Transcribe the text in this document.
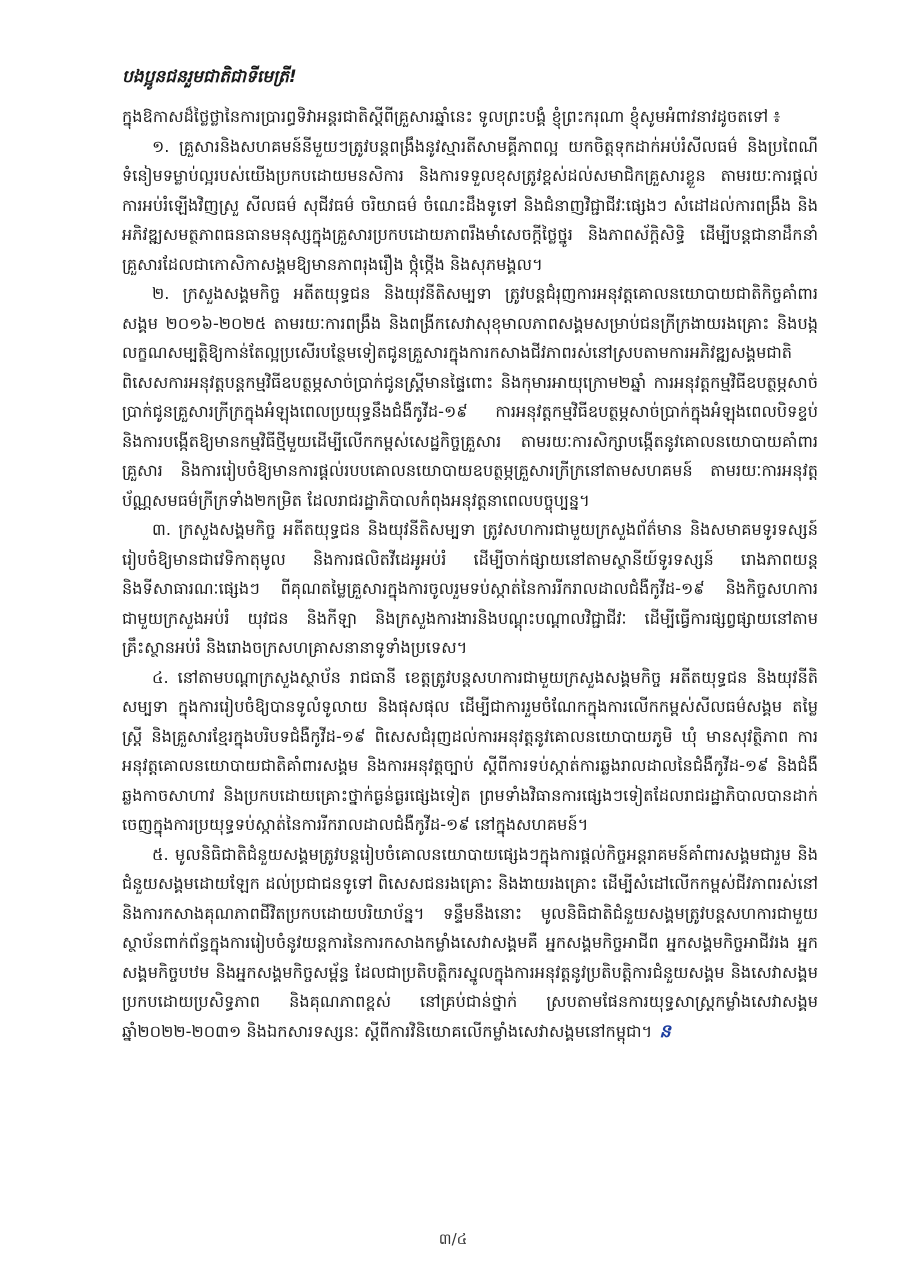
បងប្អូនជនរួមជាតិជាទីមេត្រី!

ក្នុងឱកាសដ៏ថ្លៃថ្លានៃការប្រារព្ធទិវាអន្តរជាតិស្តីពីគ្រួសារឆ្នាំនេះ ទូលព្រះបង្គំ ខ្ញុំព្រះករុណា ខ្ញុំសូមអំពាវនាវដូចតទៅ ៖

១. គ្រួសារនិងសហគមន៍នីមួយៗត្រូវបន្តពង្រឹងនូវស្មារតីសាមគ្គីភាពល្អ យកចិត្តទុកដាក់អប់រំសីលធម៌ និងប្រពៃណីទំនៀមទម្លាប់ល្អរបស់យើងប្រកបដោយមនសិការ និងការទទួលខុសត្រូវខ្ពស់ដល់សមាជិកគ្រួសារខ្លួន តាមរយៈការផ្តល់ការអប់រំឡើងវិញស្រួ សីលធម៌ សុជីវធម៌ ចរិយាធម៌ ចំណេះដឹងទូទៅ និងជំនាញវិជ្ជាជីវៈផ្សេងៗ សំដៅដល់ការពង្រឹង និងអភិវឌ្ឍសមត្ថភាពធនធានមនុស្សក្នុងគ្រួសារប្រកបដោយភាពរឹងមាំសេចក្តីថ្លៃថ្នូរ និងភាពស័ក្តិសិទ្ធិ ដើម្បីបន្តជានាដឹកនាំគ្រួសារដែលជាកោសិកាសង្គមឱ្យមានភាពរុងរឿង ថ្កុំថ្កើង និងសុភមង្គល។

២. ក្រសួងសង្គមកិច្ច អតីតយុទ្ធជន និងយុវនីតិសម្បទា ត្រូវបន្តជំរុញការអនុវត្តគោលនយោបាយជាតិកិច្ចគាំពារសង្គម ២០១៦-២០២៥ តាមរយៈការពង្រឹង និងពង្រីកសេវាសុខុមាលភាពសង្គមសម្រាប់ជនក្រីក្រងាយរងគ្រោះ និងបង្កលក្ខណសម្បត្តិឱ្យកាន់តែល្អប្រសើរបន្ថែមទៀតជូនគ្រួសារក្នុងការកសាងជីវភាពរស់នៅស្របតាមការអភិវឌ្ឍសង្គមជាតិ ពិសេសការអនុវត្តបន្តកម្មវិធីឧបត្ថម្ភសាច់ប្រាក់ជូនស្ត្រីមានផ្ទៃពោះ និងកុមារអាយុក្រោម២ឆ្នាំ ការអនុវត្តកម្មវិធីឧបត្ថម្ភសាច់ប្រាក់ជូនគ្រួសារក្រីក្រក្នុងអំឡុងពេលប្រយុទ្ធនឹងជំងឺកូវីដ-១៩ ការអនុវត្តកម្មវិធីឧបត្ថម្ភសាច់ប្រាក់ក្នុងអំឡុងពេលបិទខ្ទប់ និងការបង្កើតឱ្យមានកម្មវិធីថ្មីមួយដើម្បីលើកកម្ពស់សេដ្ឋកិច្ចគ្រួសារ តាមរយៈការសិក្សាបង្កើតនូវគោលនយោបាយគាំពារគ្រួសារ និងការរៀបចំឱ្យមានការផ្តល់របបគោលនយោបាយឧបត្ថម្ភគ្រួសារក្រីក្រនៅតាមសហគមន៍ តាមរយៈការអនុវត្តប័ណ្ណសមធម៌ក្រីក្រទាំង២កម្រិត ដែលរាជរដ្ឋាភិបាលកំពុងអនុវត្តនាពេលបច្ចុប្បន្ន។

៣. ក្រសួងសង្គមកិច្ច អតីតយុទ្ធជន និងយុវនីតិសម្បទា ត្រូវសហការជាមួយក្រសួងព័ត៌មាន និងសមាគមទូរទស្សន៍ រៀបចំឱ្យមានជាវេទិកាតុមូល និងការផលិតវីដេអូអប់រំ ដើម្បីចាក់ផ្សាយនៅតាមស្ថានីយ៍ទូរទស្សន៍ រោងភាពយន្ត និងទីសាធារណៈផ្សេងៗ ពីគុណតម្លៃគ្រួសារក្នុងការចូលរួមទប់ស្កាត់នៃការរីករាលដាលជំងឺកូវីដ-១៩ និងកិច្ចសហការជាមួយក្រសួងអប់រំ យុវជន និងកីឡា និងក្រសួងការងារនិងបណ្តុះបណ្តាលវិជ្ជាជីវៈ ដើម្បីធ្វើការផ្សព្វផ្សាយនៅតាមគ្រឹះស្ថានអប់រំ និងរោងចក្រសហគ្រាសនានាទូទាំងប្រទេស។

៤. នៅតាមបណ្តាក្រសួងស្ថាប័ន រាជធានី ខេត្តត្រូវបន្តសហការជាមួយក្រសួងសង្គមកិច្ច អតីតយុទ្ធជន និងយុវនីតិសម្បទា ក្នុងការរៀបចំឱ្យបានទូលំទូលាយ និងផុសផុល ដើម្បីជាការរួមចំណែកក្នុងការលើកកម្ពស់សីលធម៌សង្គម តម្លៃស្ត្រី និងគ្រួសារខ្មែរក្នុងបរិបទជំងឺកូវីដ-១៩ ពិសេសជំរុញដល់ការអនុវត្តនូវគោលនយោបាយភូមិ ឃុំ មានសុវត្ថិភាព ការអនុវត្តគោលនយោបាយជាតិគាំពារសង្គម និងការអនុវត្តច្បាប់ ស្តីពីការទប់ស្កាត់ការឆ្លងរាលដាលនៃជំងឺកូវីដ-១៩ និងជំងឺឆ្លងកាចសាហាវ និងប្រកបដោយគ្រោះថ្នាក់ធ្ងន់ធ្ងរផ្សេងទៀត ព្រមទាំងវិធានការផ្សេងៗទៀតដែលរាជរដ្ឋាភិបាលបានដាក់ចេញក្នុងការប្រយុទ្ធទប់ស្កាត់នៃការរីករាលដាលជំងឺកូវីដ-១៩ នៅក្នុងសហគមន៍។

៥. មូលនិធិជាតិជំនួយសង្គមត្រូវបន្តរៀបចំគោលនយោបាយផ្សេងៗក្នុងការផ្តល់កិច្ចអន្តរាគមន៍គាំពារសង្គមជារួម និងជំនួយសង្គមដោយឡែក ដល់ប្រជាជនទូទៅ ពិសេសជនរងគ្រោះ និងងាយរងគ្រោះ ដើម្បីសំដៅលើកកម្ពស់ជីវភាពរស់នៅ និងការកសាងគុណភាពជីវិតប្រកបដោយបរិយាប័ន្ន។ ទន្ទឹមនឹងនោះ មូលនិធិជាតិជំនួយសង្គមត្រូវបន្តសហការជាមួយស្ថាប័នពាក់ព័ន្ធក្នុងការរៀបចំនូវយន្តការនៃការកសាងកម្លាំងសេវាសង្គមគឺ អ្នកសង្គមកិច្ចអាជីព អ្នកសង្គមកិច្ចអាជីវរង អ្នកសង្គមកិច្ចបឋម និងអ្នកសង្គមកិច្ចសម្ព័ន្ធ ដែលជាប្រតិបត្តិករស្នូលក្នុងការអនុវត្តនូវប្រតិបត្តិការជំនួយសង្គម និងសេវាសង្គមប្រកបដោយប្រសិទ្ធភាព និងគុណភាពខ្ពស់ នៅគ្រប់ជាន់ថ្នាក់ ស្របតាមផែនការយុទ្ធសាស្ត្រកម្លាំងសេវាសង្គម ឆ្នាំ២០២២-២០៣១ និងឯកសារទស្សនៈ ស្តីពីការវិនិយោគលើកម្លាំងសេវាសង្គមនៅកម្ពុជា។ ន

៣/៤
